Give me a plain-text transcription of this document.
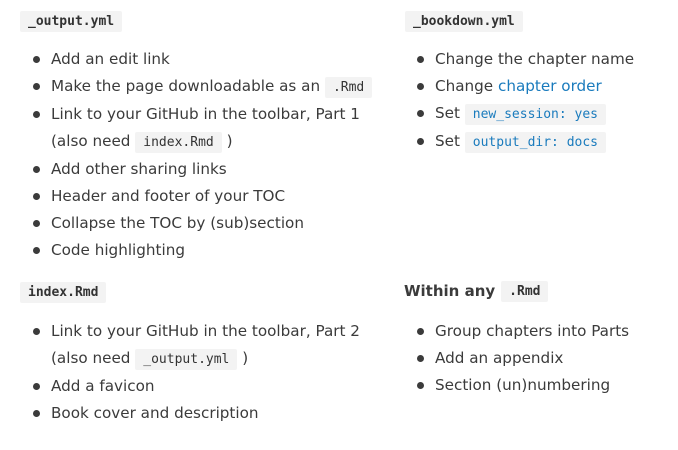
_output.yml
Add an edit link
Make the page downloadable as an .Rmd
Link to your GitHub in the toolbar, Part 1
(also need index.Rmd )
Add other sharing links
Header and footer of your TOC
Collapse the TOC by (sub)section
Code highlighting
index.Rmd
Link to your GitHub in the toolbar, Part 2
(also need _output.yml )
Add a favicon
Book cover and description
_bookdown.yml
Change the chapter name
Change chapter order
Set new_session: yes
Set output_dir: docs
Within any	.Rmd
Group chapters into Parts
Add an appendix
Section (un)numbering
